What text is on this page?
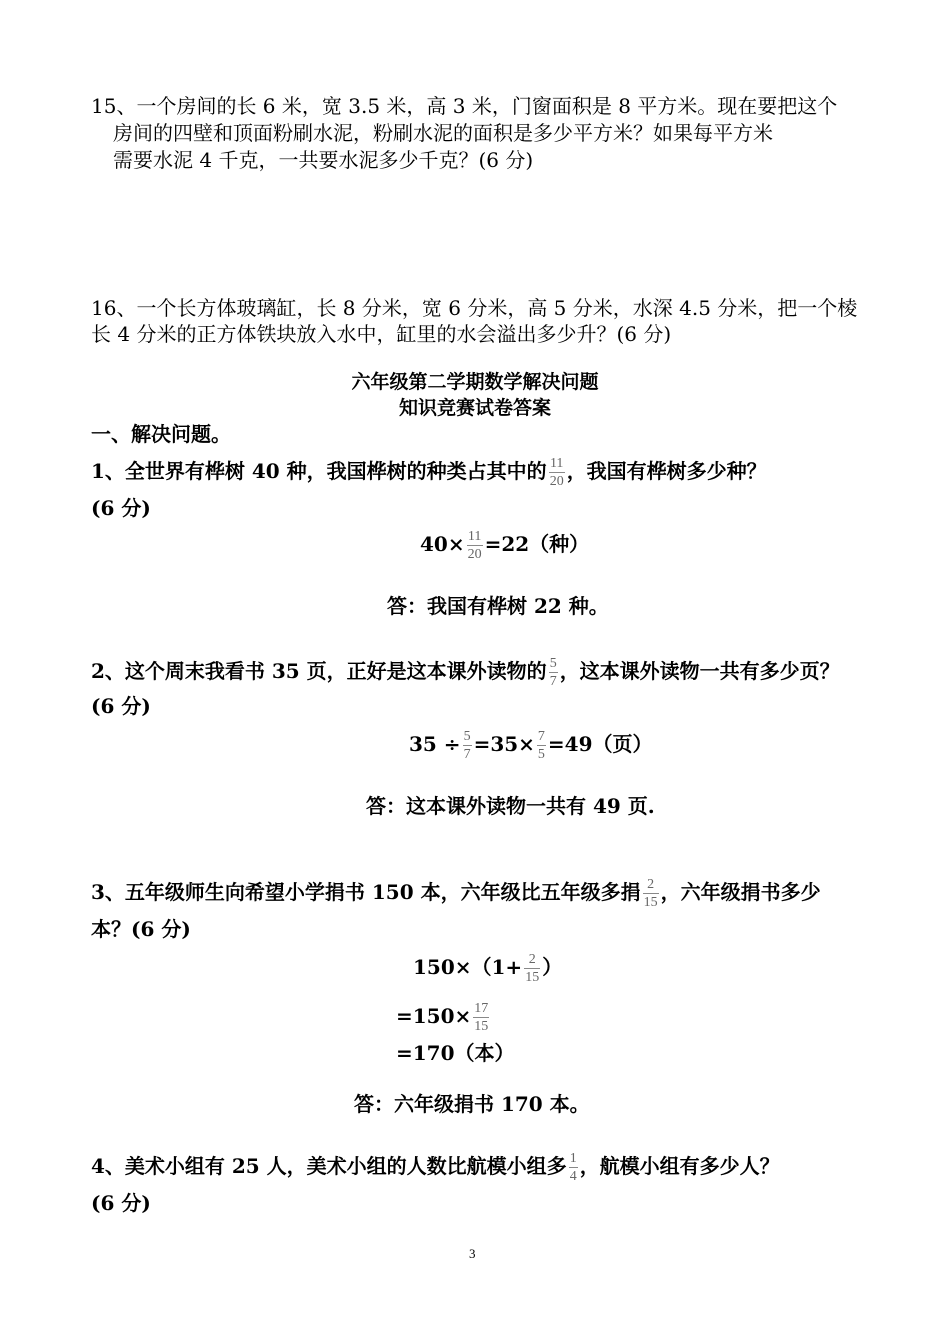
15、一个房间的长 6 米，宽 3.5 米，高 3 米，门窗面积是 8 平方米。现在要把这个
房间的四壁和顶面粉刷水泥，粉刷水泥的面积是多少平方米？如果每平方米
需要水泥 4 千克，一共要水泥多少千克？(6 分)
16、一个长方体玻璃缸，长 8 分米，宽 6 分米，高 5 分米，水深 4.5 分米，把一个棱
长 4 分米的正方体铁块放入水中，缸里的水会溢出多少升？(6 分)
六年级第二学期数学解决问题
知识竞赛试卷答案
一、解决问题。
1、全世界有桦树 40 种，我国桦树的种类占其中的 $\frac{11}{20}$ ，我国有桦树多少种？
(6 分)
$40\times \frac{11}{20} =22$（种）
答：我国有桦树 22 种。
2、这个周末我看书 35 页，正好是这本课外读物的 $\frac{5}{7}$ ，这本课外读物一共有多少页？
(6 分)
$35 \div \frac{5}{7} =35\times \frac{7}{5} =49$（页）
答：这本课外读物一共有 49 页.
3、五年级师生向希望小学捐书 150 本，六年级比五年级多捐 $\frac{2}{15}$ ，六年级捐书多少
本？(6 分)
$150\times(1+ \frac{2}{15}$ ）
$=150\times \frac{17}{15}$
=170（本）
答：六年级捐书 170 本。
4、美术小组有 25 人，美术小组的人数比航模小组多 $\frac{1}{4}$ ，航模小组有多少人？
(6 分)
3
